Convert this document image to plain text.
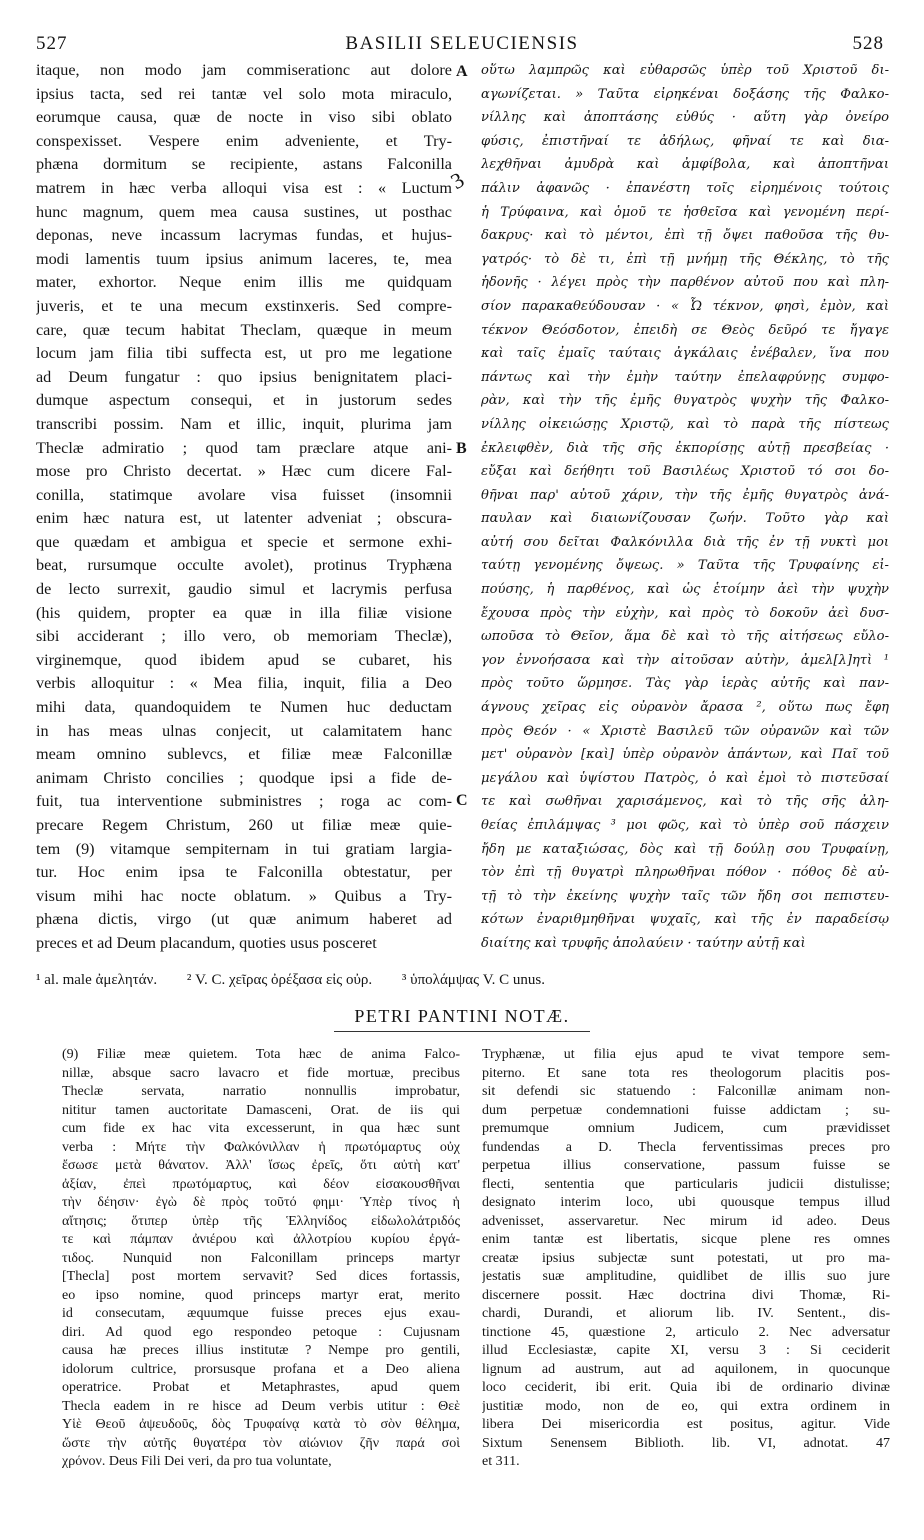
BASILII SELEUCIENSIS
527	528
itaque, non modo jam commiserationc aut dolore
ipsius tacta, sed rei tantæ vel solo mota miraculo,
eorumque causa, quæ de nocte in viso sibi oblato
conspexisset. Vespere enim adveniente, et Try-
phæna dormitum se recipiente, astans Falconilla
matrem in hæc verba alloqui visa est : « Luctum
hunc magnum, quem mea causa sustines, ut posthac
deponas, neve incassum lacrymas fundas, et hujus-
modi lamentis tuum ipsius animum laceres, te, mea
mater, exhortor. Neque enim illis me quidquam
juveris, et te una mecum exstinxeris. Sed compre-
care, quæ tecum habitat Theclam, quæque in meum
locum jam filia tibi suffecta est, ut pro me legatione
ad Deum fungatur : quo ipsius benignitatem placi-
dumque aspectum consequi, et in justorum sedes
transcribi possim. Nam et illic, inquit, plurima jam
Theclæ admiratio ; quod tam præclare atque ani-
mose pro Christo decertat. » Hæc cum dicere Fal-
conilla, statimque avolare visa fuisset (insomnii
enim hæc natura est, ut latenter adveniat ; obscura-
que quædam et ambigua et specie et sermone exhi-
beat, rursumque occulte avolet), protinus Tryphæna
de lecto surrexit, gaudio simul et lacrymis perfusa
(his quidem, propter ea quæ in illa filiæ visione
sibi acciderant ; illo vero, ob memoriam Theclæ),
virginemque, quod ibidem apud se cubaret, his
verbis alloquitur : « Mea filia, inquit, filia a Deo
mihi data, quandoquidem te Numen huc deductam
in has meas ulnas conjecit, ut calamitatem hanc
meam omnino sublevcs, et filiæ meæ Falconillæ
animam Christo concilies ; quodque ipsi a fide de-
fuit, tua interventione subministres ; roga ac com-
precare Regem Christum, 260 ut filiæ meæ quie-
tem (9) vitamque sempiternam in tui gratiam largia-
tur. Hoc enim ipsa te Falconilla obtestatur, per
visum mihi hac nocte oblatum. » Quibus a Try-
phæna dictis, virgo (ut quæ animum haberet ad
preces et ad Deum placandum, quoties usus posceret
οὕτω λαμπρῶς καὶ εὐθαρσῶς ὑπὲρ τοῦ Χριστοῦ δι-
αγωνίζεται. » Ταῦτα εἰρηκέναι δοξάσης τῆς Φαλκο-
νίλλης καὶ ἀποπτάσης εὐθύς · αὕτη γὰρ ὀνείρο
φύσις, ἐπιστῆναί τε ἀδήλως, φῆναί τε καὶ δια-
λεχθῆναι ἀμυδρὰ καὶ ἀμφίβολα, καὶ ἀποπτῆναι
πάλιν ἀφανῶς · ἐπανέστη τοῖς εἰρημένοις τούτοις
ἡ Τρύφαινα, καὶ ὁμοῦ τε ἡσθεῖσα καὶ γενομένη περί-
δακρυς· καὶ τὸ μέντοι, ἐπὶ τῇ ὄψει παθοῦσα τῆς θυ-
γατρός· τὸ δὲ τι, ἐπὶ τῇ μνήμῃ τῆς Θέκλης, τὸ τῆς
ἡδονῆς · λέγει πρὸς τὴν παρθένον αὐτοῦ που καὶ πλη-
σίον παρακαθεύδουσαν · « Ὦ τέκνον, φησὶ, ἐμὸν, καὶ
τέκνον Θεόσδοτον, ἐπειδὴ σε Θεὸς δεῦρό τε ἤγαγε
καὶ ταῖς ἐμαῖς ταύταις ἀγκάλαις ἐνέβαλεν, ἵνα που
πάντως καὶ τὴν ἐμὴν ταύτην ἐπελαφρύνῃς συμφο-
ρὰν, καὶ τὴν τῆς ἐμῆς θυγατρὸς ψυχὴν τῆς Φαλκο-
νίλλης οἰκειώσῃς Χριστῷ, καὶ τὸ παρὰ τῆς πίστεως
ἐκλειφθὲν, διὰ τῆς σῆς ἐκπορίσῃς αὐτῇ πρεσβείας ·
εὔξαι καὶ δεήθητι τοῦ Βασιλέως Χριστοῦ τό σοι δο-
θῆναι παρ' αὐτοῦ χάριν, τὴν τῆς ἐμῆς θυγατρὸς ἀνά-
παυλαν καὶ διαιωνίζουσαν ζωήν. Τοῦτο γὰρ καὶ
αὐτή σου δεῖται Φαλκόνιλλα διὰ τῆς ἐν τῇ νυκτὶ μοι
ταύτῃ γενομένης ὄψεως. » Ταῦτα τῆς Τρυφαίνης εἰ-
πούσης, ἡ παρθένος, καὶ ὡς ἑτοίμην ἀεὶ τὴν ψυχὴν
ἔχουσα πρὸς τὴν εὐχὴν, καὶ πρὸς τὸ δοκοῦν ἀεὶ δυσ-
ωποῦσα τὸ Θεῖον, ἅμα δὲ καὶ τὸ τῆς αἰτήσεως εὔλο-
γον ἐννοήσασα καὶ τὴν αἰτοῦσαν αὐτὴν, ἀμελ[λ]ητὶ ¹
πρὸς τοῦτο ὥρμησε. Τὰς γὰρ ἱερὰς αὐτῆς καὶ παν-
άγνους χεῖρας εἰς οὐρανὸν ἄρασα ², οὕτω πως ἔφη
πρὸς Θεόν · « Χριστὲ Βασιλεῦ τῶν οὐρανῶν καὶ τῶν
μετ' οὐρανὸν [καὶ] ὑπὲρ οὐρανὸν ἁπάντων, καὶ Παῖ τοῦ
μεγάλου καὶ ὑψίστου Πατρὸς, ὁ καὶ ἐμοὶ τὸ πιστεῦσαί
τε καὶ σωθῆναι χαρισάμενος, καὶ τὸ τῆς σῆς ἀλη-
θείας ἐπιλάμψας ³ μοι φῶς, καὶ τὸ ὑπὲρ σοῦ πάσχειν
ἤδη με καταξιώσας, δὸς καὶ τῇ δούλῃ σου Τρυφαίνῃ,
τὸν ἐπὶ τῇ θυγατρὶ πληρωθῆναι πόθον · πόθος δὲ αὐ-
τῇ τὸ τὴν ἐκείνης ψυχὴν ταῖς τῶν ἤδη σοι πεπιστευ-
κότων ἐναριθμηθῆναι ψυχαῖς, καὶ τῆς ἐν παραδείσῳ
διαίτης καὶ τρυφῆς ἀπολαύειν · ταύτην αὐτῇ καὶ
A
B
C
3
¹ al. male ἀμελητάν. ² V. C. χεῖρας ὀρέξασα εἰς οὐρ. ³ ὑπολάμψας V. C unus.
PETRI PANTINI NOTÆ.
(9) Filiæ meæ quietem. Tota hæc de anima Falco-
nillæ, absque sacro lavacro et fide mortuæ, precibus
Theclæ servata, narratio nonnullis improbatur,
nititur tamen auctoritate Damasceni, Orat. de iis qui
cum fide ex hac vita excesserunt, in qua hæc sunt
verba : Μήτε τὴν Φαλκόνιλλαν ἡ πρωτόμαρτυς οὐχ
ἔσωσε μετὰ θάνατον. Ἀλλ' ἴσως ἐρεῖς, ὅτι αὐτὴ κατ'
ἀξίαν, ἐπεὶ πρωτόμαρτυς, καὶ δέον εἰσακουσθῆναι
τὴν δέησιν· ἐγὼ δὲ πρὸς τοῦτό φημι· Ὑπὲρ τίνος ἡ
αἴτησις; ὅτιπερ ὑπὲρ τῆς Ἑλληνίδος εἰδωλολάτριδός
τε καὶ πάμπαν ἀνιέρου καὶ ἀλλοτρίου κυρίου ἐργά-
τιδος. Nunquid non Falconillam princeps martyr
[Thecla] post mortem servavit? Sed dices fortassis,
eo ipso nomine, quod princeps martyr erat, merito
id consecutam, æquumque fuisse preces ejus exau-
diri. Ad quod ego respondeo petoque : Cujusnam
causa hæ preces illius institutæ ? Nempe pro gentili,
idolorum cultrice, prorsusque profana et a Deo aliena
operatrice. Probat et Metaphrastes, apud quem
Thecla eadem in re hisce ad Deum verbis utitur : Θεὲ
Υἱὲ Θεοῦ ἀψευδοῦς, δὸς Τρυφαίνᾳ κατὰ τὸ σὸν θέλημα,
ὥστε τὴν αὐτῆς θυγατέρα τὸν αἰώνιον ζῆν παρά σοὶ
χρόνον. Deus Fili Dei veri, da pro tua voluntate,
Tryphænæ, ut filia ejus apud te vivat tempore sem-
piterno. Et sane tota res theologorum placitis pos-
sit defendi sic statuendo : Falconillæ animam non-
dum perpetuæ condemnationi fuisse addictam ; su-
premumque omnium Judicem, cum prævidisset
fundendas a D. Thecla ferventissimas preces pro
perpetua illius conservatione, passum fuisse se
flecti, sententia que particularis judicii distulisse;
designato interim loco, ubi quousque tempus illud
advenisset, asservaretur. Nec mirum id adeo. Deus
enim tantæ est libertatis, sicque plene res omnes
creatæ ipsius subjectæ sunt potestati, ut pro ma-
jestatis suæ amplitudine, quidlibet de illis suo jure
discernere possit. Hæc doctrina divi Thomæ, Ri-
chardi, Durandi, et aliorum lib. IV. Sentent., dis-
tinctione 45, quæstione 2, articulo 2. Nec adversatur
illud Ecclesiastæ, capite XI, versu 3 : Si ceciderit
lignum ad austrum, aut ad aquilonem, in quocunque
loco ceciderit, ibi erit. Quia ibi de ordinario divinæ
justitiæ modo, non de eo, qui extra ordinem in
libera Dei misericordia est positus, agitur. Vide
Sixtum Senensem Biblioth. lib. VI, adnotat. 47
et 311.
